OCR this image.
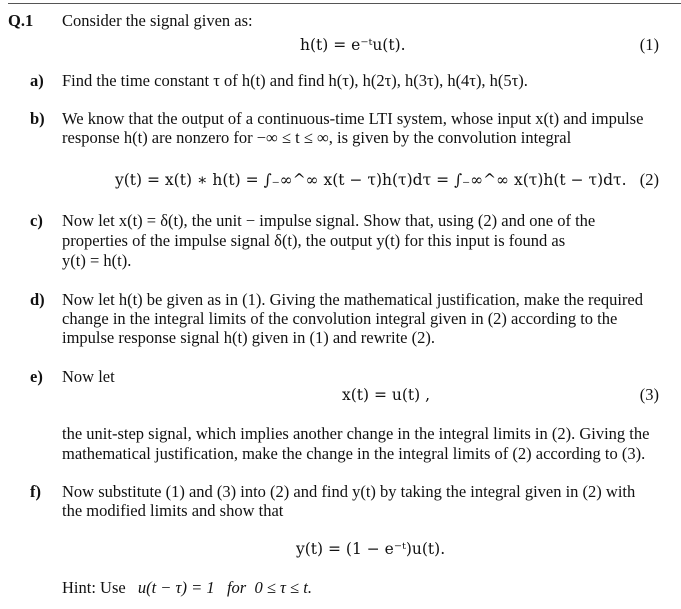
Q.1 Consider the signal given as:
h(t) = e⁻ᵗu(t).	(1)
a) Find the time constant τ of h(t) and find h(τ), h(2τ), h(3τ), h(4τ), h(5τ).
b) We know that the output of a continuous-time LTI system, whose input x(t) and impulse
response h(t) are nonzero for −∞ ≤ t ≤ ∞, is given by the convolution integral
y(t) = x(t) ∗ h(t) = ∫₋∞^∞ x(t − τ)h(τ)dτ = ∫₋∞^∞ x(τ)h(t − τ)dτ. (2)
c) Now let x(t) = δ(t), the unit − impulse signal. Show that, using (2) and one of the
properties of the impulse signal δ(t), the output y(t) for this input is found as
y(t) = h(t).
d) Now let h(t) be given as in (1). Giving the mathematical justification, make the required
change in the integral limits of the convolution integral given in (2) according to the
impulse response signal h(t) given in (1) and rewrite (2).
e) Now let
x(t) = u(t) ,	(3)
the unit-step signal, which implies another change in the integral limits in (2). Giving the
mathematical justification, make the change in the integral limits of (2) according to (3).
f) Now substitute (1) and (3) into (2) and find y(t) by taking the integral given in (2) with
the modified limits and show that
y(t) = (1 − e⁻ᵗ)u(t).
Hint: Use u(t − τ) = 1   for  0 ≤ τ ≤ t.
